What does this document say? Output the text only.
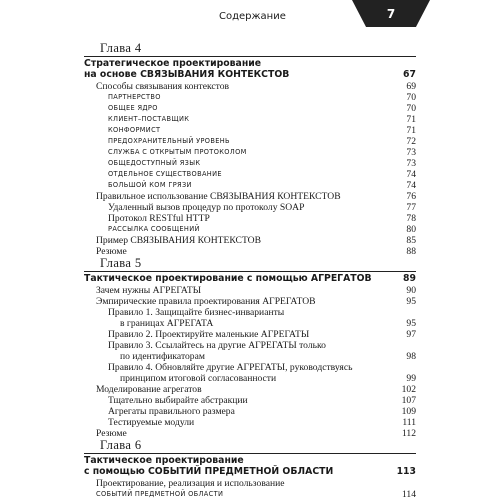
Содержание	7
Глава 4
Стратегическое проектирование
на основе СВЯЗЫВАНИЯ КОНТЕКСТОВ	67
Способы связывания контекстов	69
ПАРТНЕРСТВО	70
ОБЩЕЕ ЯДРО	70
КЛИЕНТ–ПОСТАВЩИК	71
КОНФОРМИСТ	71
ПРЕДОХРАНИТЕЛЬНЫЙ УРОВЕНЬ	72
СЛУЖБА С ОТКРЫТЫМ ПРОТОКОЛОМ	73
ОБЩЕДОСТУПНЫЙ ЯЗЫК	73
ОТДЕЛЬНОЕ СУЩЕСТВОВАНИЕ	74
БОЛЬШОЙ КОМ ГРЯЗИ	74
Правильное использование СВЯЗЫВАНИЯ КОНТЕКСТОВ	76
Удаленный вызов процедур по протоколу SOAP	77
Протокол RESTful HTTP	78
РАССЫЛКА СООБЩЕНИЙ	80
Пример СВЯЗЫВАНИЯ КОНТЕКСТОВ	85
Резюме	88
Глава 5
Тактическое проектирование с помощью АГРЕГАТОВ	89
Зачем нужны АГРЕГАТЫ	90
Эмпирические правила проектирования АГРЕГАТОВ	95
Правило 1. Защищайте бизнес-инварианты
в границах АГРЕГАТА	95
Правило 2. Проектируйте маленькие АГРЕГАТЫ	97
Правило 3. Ссылайтесь на другие АГРЕГАТЫ только
по идентификаторам	98
Правило 4. Обновляйте другие АГРЕГАТЫ, руководствуясь
принципом итоговой согласованности	99
Моделирование агрегатов	102
Тщательно выбирайте абстракции	107
Агрегаты правильного размера	109
Тестируемые модули	111
Резюме	112
Глава 6
Тактическое проектирование
с помощью СОБЫТИЙ ПРЕДМЕТНОЙ ОБЛАСТИ	113
Проектирование, реализация и использование
СОБЫТИЙ ПРЕДМЕТНОЙ ОБЛАСТИ	114
